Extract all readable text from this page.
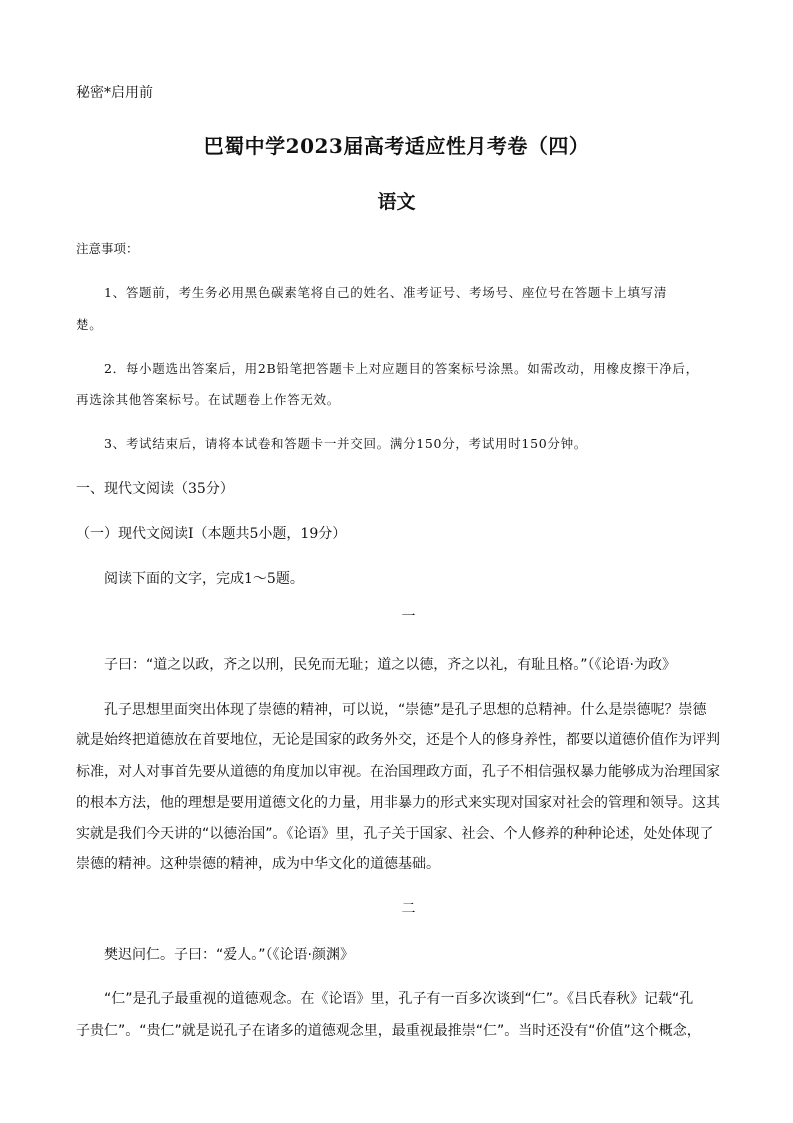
秘密*启用前

巴蜀中学2023届高考适应性月考卷（四）

语文

注意事项：

1、答题前，考生务必用黑色碳素笔将自己的姓名、准考证号、考场号、座位号在答题卡上填写清

楚。

2．每小题选出答案后，用2B铅笔把答题卡上对应题目的答案标号涂黑。如需改动，用橡皮擦干净后，

再选涂其他答案标号。在试题卷上作答无效。

3、考试结束后，请将本试卷和答题卡一并交回。满分150分，考试用时150分钟。

一、现代文阅读（35分）

（一）现代文阅读Ⅰ（本题共5小题，19分）

阅读下面的文字，完成1～5题。

一

子曰：“道之以政，齐之以刑，民免而无耻；道之以德，齐之以礼，有耻且格。”（《论语·为政》

孔子思想里面突出体现了崇德的精神，可以说，“崇德”是孔子思想的总精神。什么是崇德呢？崇德

就是始终把道德放在首要地位，无论是国家的政务外交，还是个人的修身养性，都要以道德价值作为评判

标准，对人对事首先要从道德的角度加以审视。在治国理政方面，孔子不相信强权暴力能够成为治理国家

的根本方法，他的理想是要用道德文化的力量，用非暴力的形式来实现对国家对社会的管理和领导。这其

实就是我们今天讲的“以德治国”。《论语》里，孔子关于国家、社会、个人修养的种种论述，处处体现了

崇德的精神。这种崇德的精神，成为中华文化的道德基础。

二

樊迟问仁。子曰：“爱人。”（《论语·颜渊》

“仁”是孔子最重视的道德观念。在《论语》里，孔子有一百多次谈到“仁”。《吕氏春秋》记载“孔

子贵仁”。“贵仁”就是说孔子在诸多的道德观念里，最重视最推崇“仁”。当时还没有“价值”这个概念，
